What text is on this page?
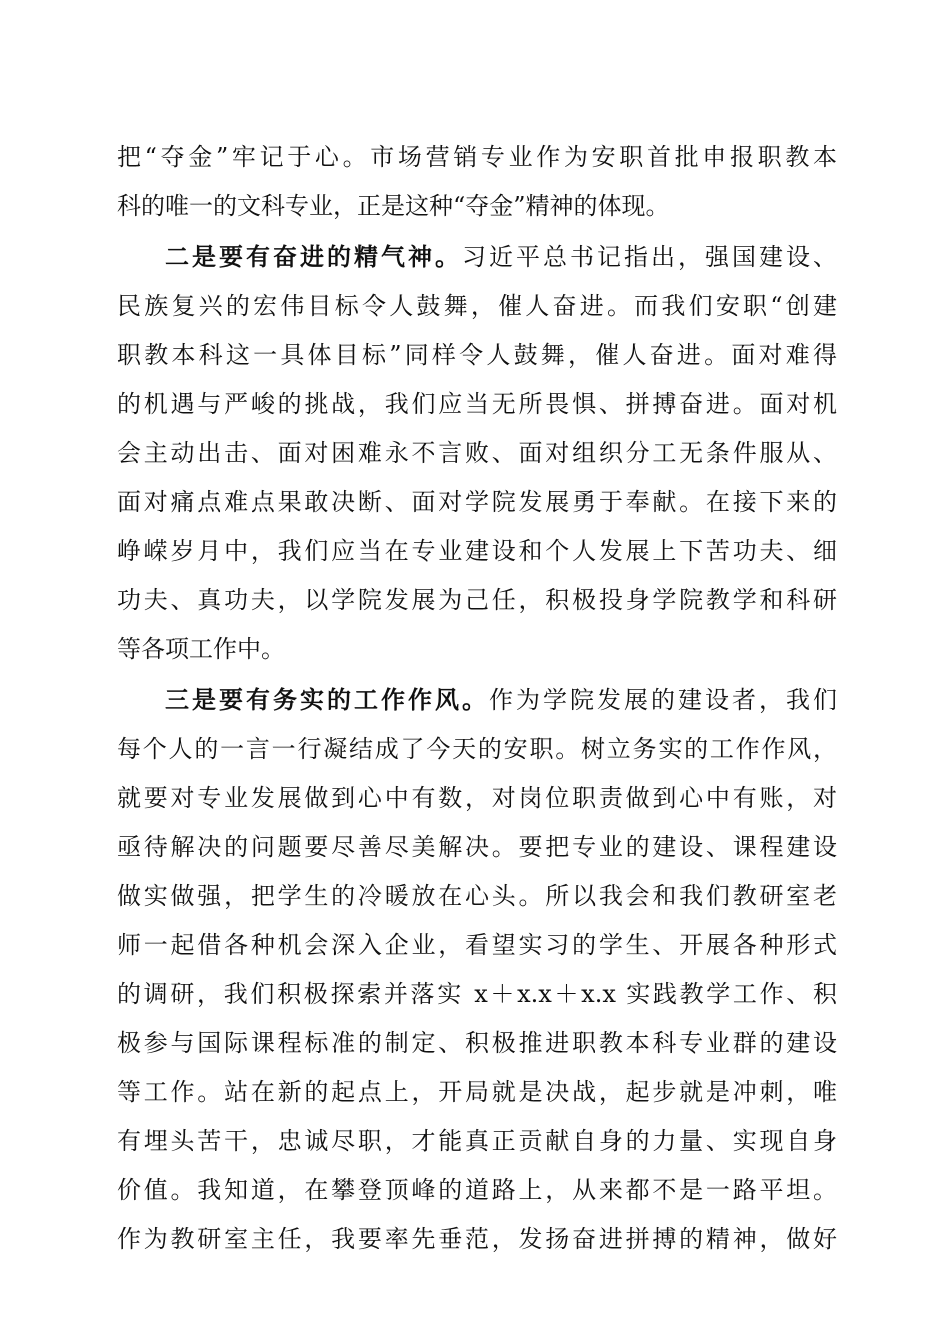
把“夺金”牢记于心。市场营销专业作为安职首批申报职教本
科的唯一的文科专业，正是这种“夺金”精神的体现。
二是要有奋进的精气神。习近平总书记指出，强国建设、
民族复兴的宏伟目标令人鼓舞，催人奋进。而我们安职“创建
职教本科这一具体目标”同样令人鼓舞，催人奋进。面对难得
的机遇与严峻的挑战，我们应当无所畏惧、拼搏奋进。面对机
会主动出击、面对困难永不言败、面对组织分工无条件服从、
面对痛点难点果敢决断、面对学院发展勇于奉献。在接下来的
峥嵘岁月中，我们应当在专业建设和个人发展上下苦功夫、细
功夫、真功夫，以学院发展为己任，积极投身学院教学和科研
等各项工作中。
三是要有务实的工作作风。作为学院发展的建设者，我们
每个人的一言一行凝结成了今天的安职。树立务实的工作作风，
就要对专业发展做到心中有数，对岗位职责做到心中有账，对
亟待解决的问题要尽善尽美解决。要把专业的建设、课程建设
做实做强，把学生的冷暖放在心头。所以我会和我们教研室老
师一起借各种机会深入企业，看望实习的学生、开展各种形式
的调研，我们积极探索并落实 x＋x.x＋x.x 实践教学工作、积
极参与国际课程标准的制定、积极推进职教本科专业群的建设
等工作。站在新的起点上，开局就是决战，起步就是冲刺，唯
有埋头苦干，忠诚尽职，才能真正贡献自身的力量、实现自身
价值。我知道，在攀登顶峰的道路上，从来都不是一路平坦。
作为教研室主任，我要率先垂范，发扬奋进拼搏的精神，做好
